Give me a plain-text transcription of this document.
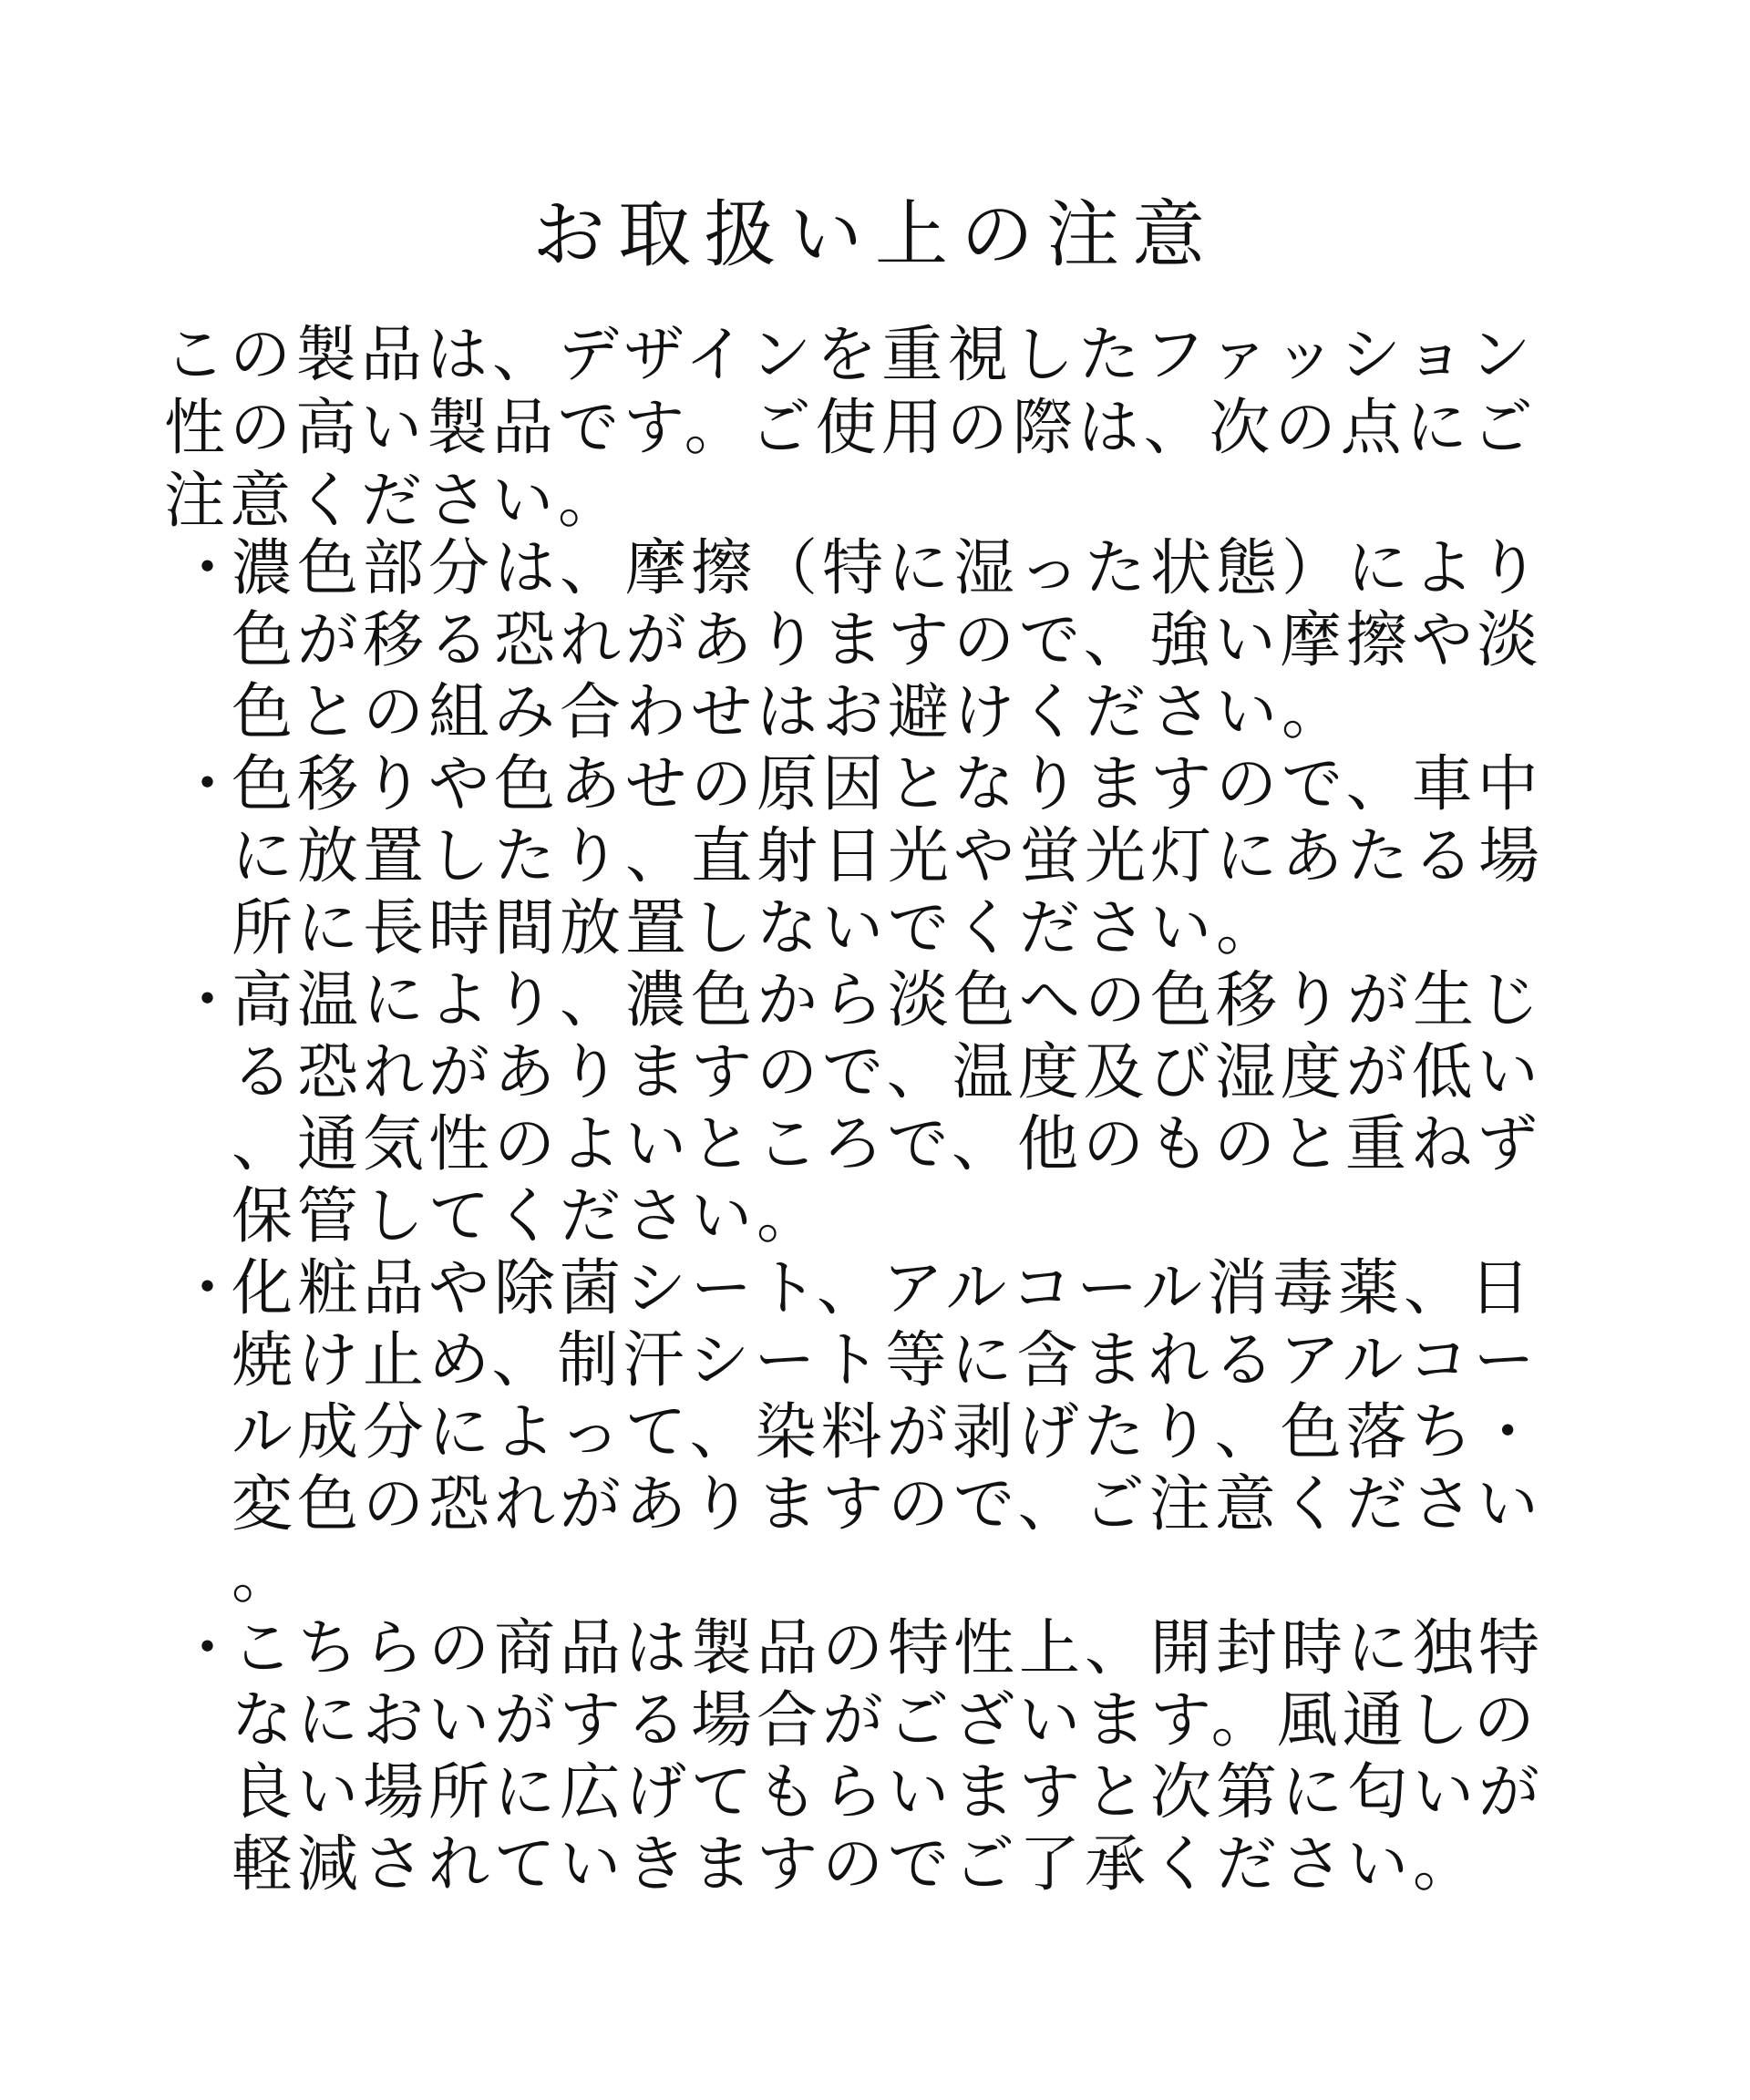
お取扱い上の注意

この製品は、デザインを重視したファッション性の高い製品です。ご使用の際は、次の点にご注意ください。

・
濃色部分は、摩擦（特に湿った状態）により色が移る恐れがありますので、強い摩擦や淡色との組み合わせはお避けください。
・
色移りや色あせの原因となりますので、車中に放置したり、直射日光や蛍光灯にあたる場所に長時間放置しないでください。
・
高温により、濃色から淡色への色移りが生じる恐れがありますので、温度及び湿度が低い、通気性のよいところで、他のものと重ねず保管してください。
・
化粧品や除菌シート、アルコール消毒薬、日焼け止め、制汗シート等に含まれるアルコール成分によって、染料が剥げたり、色落ち・変色の恐れがありますので、ご注意ください。
・
こちらの商品は製品の特性上、開封時に独特なにおいがする場合がございます。風通しの良い場所に広げてもらいますと次第に匂いが軽減されていきますのでご了承ください。
